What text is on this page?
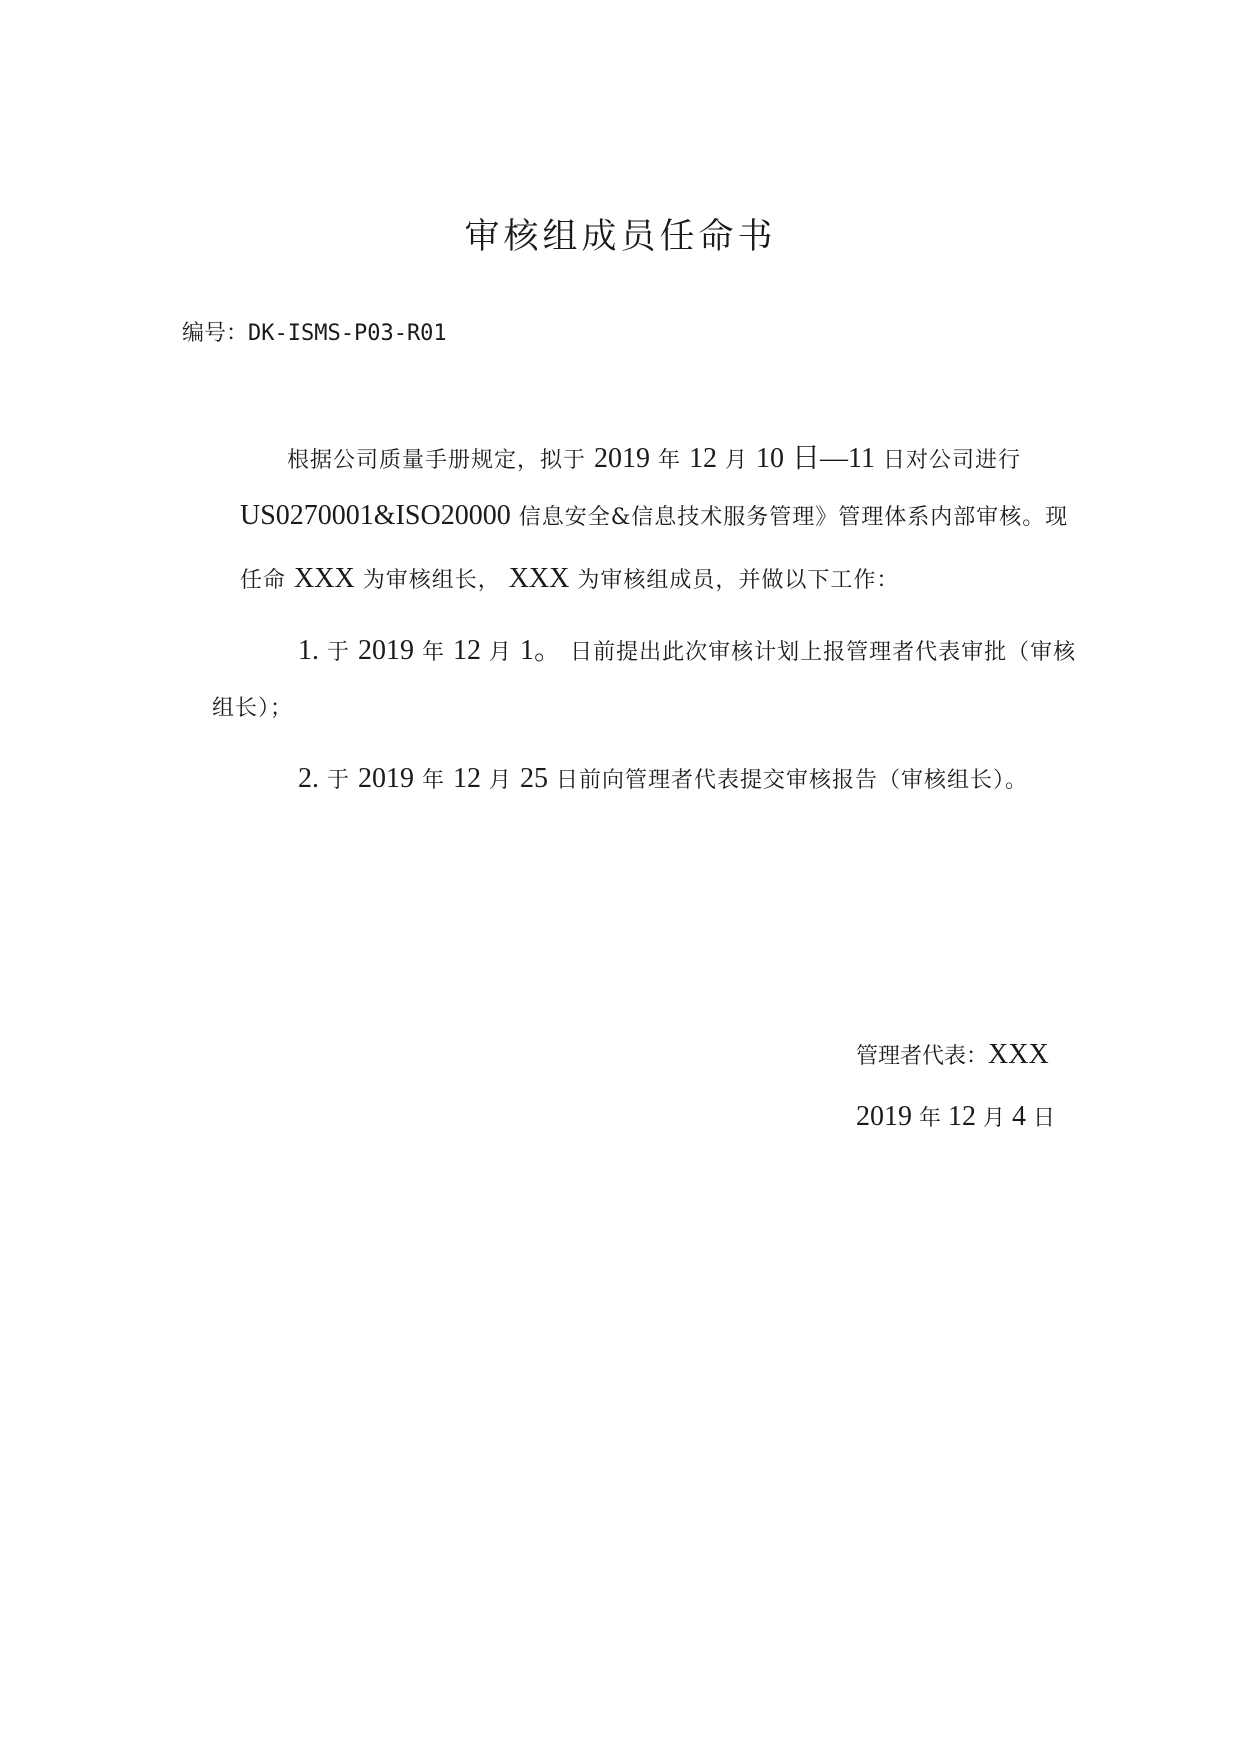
审核组成员任命书
编号：DK-ISMS-P03-R01
根据公司质量手册规定，拟于 2019 年 12 月 10 日—11 日对公司进行
US0270001&ISO20000 信息安全&信息技术服务管理》管理体系内部审核。现
任命 XXX 为审核组长， XXX 为审核组成员，并做以下工作：
1. 于 2019 年 12 月 1。 日前提出此次审核计划上报管理者代表审批（审核
组长）；
2. 于 2019 年 12 月 25 日前向管理者代表提交审核报告（审核组长）。
管理者代表：XXX
2019 年 12 月 4 日
